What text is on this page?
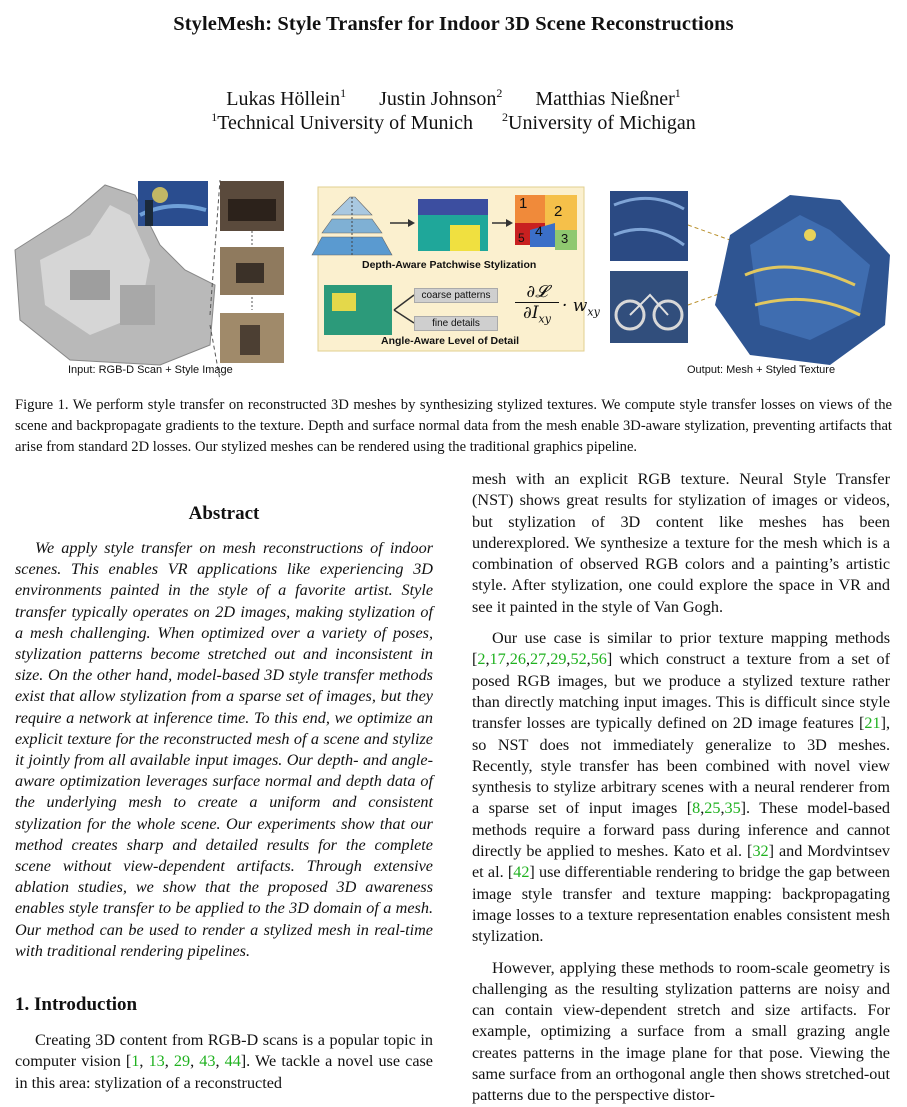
StyleMesh: Style Transfer for Indoor 3D Scene Reconstructions
Lukas Höllein$^1$ Justin Johnson$^2$ Matthias Nießner$^1$
$^1$Technical University of Munich $^2$University of Michigan
Input: RGB-D Scan + Style Image	Output: Mesh + Styled Texture
Depth-Aware Patchwise Stylization
Angle-Aware Level of Detail
coarse patterns
fine details
1 2
3
4
5
∂𝓛
$\partial I_{xy}$
· $w_{xy}$
Figure 1. We perform style transfer on reconstructed 3D meshes by synthesizing stylized textures. We compute style transfer losses on views of the scene and backpropagate gradients to the texture. Depth and surface normal data from the mesh enable 3D-aware stylization, preventing artifacts that arise from standard 2D losses. Our stylized meshes can be rendered using the traditional graphics pipeline.
Abstract

We apply style transfer on mesh reconstructions of indoor scenes. This enables VR applications like experiencing 3D environments painted in the style of a favorite artist. Style transfer typically operates on 2D images, making stylization of a mesh challenging. When optimized over a variety of poses, stylization patterns become stretched out and inconsistent in size. On the other hand, model-based 3D style transfer methods exist that allow stylization from a sparse set of images, but they require a network at inference time. To this end, we optimize an explicit texture for the reconstructed mesh of a scene and stylize it jointly from all available input images. Our depth- and angle-aware optimization leverages surface normal and depth data of the underlying mesh to create a uniform and consistent stylization for the whole scene. Our experiments show that our method creates sharp and detailed results for the complete scene without view-dependent artifacts. Through extensive ablation studies, we show that the proposed 3D awareness enables style transfer to be applied to the 3D domain of a mesh. Our method can be used to render a stylized mesh in real-time with traditional rendering pipelines.

1. Introduction

Creating 3D content from RGB-D scans is a popular topic in computer vision [1, 13, 29, 43, 44]. We tackle a novel use case in this area: stylization of a reconstructed

mesh with an explicit RGB texture. Neural Style Transfer (NST) shows great results for stylization of images or videos, but stylization of 3D content like meshes has been underexplored. We synthesize a texture for the mesh which is a combination of observed RGB colors and a painting’s artistic style. After stylization, one could explore the space in VR and see it painted in the style of Van Gogh.

Our use case is similar to prior texture mapping methods [2,17,26,27,29,52,56] which construct a texture from a set of posed RGB images, but we produce a stylized texture rather than directly matching input images. This is difficult since style transfer losses are typically defined on 2D image features [21], so NST does not immediately generalize to 3D meshes. Recently, style transfer has been combined with novel view synthesis to stylize arbitrary scenes with a neural renderer from a sparse set of input images [8,25,35]. These model-based methods require a forward pass during inference and cannot directly be applied to meshes. Kato et al. [32] and Mordvintsev et al. [42] use differentiable rendering to bridge the gap between image style transfer and texture mapping: backpropagating image losses to a texture representation enables consistent mesh stylization.

However, applying these methods to room-scale geometry is challenging as the resulting stylization patterns are noisy and can contain view-dependent stretch and size artifacts. For example, optimizing a surface from a small grazing angle creates patterns in the image plane for that pose. Viewing the same surface from an orthogonal angle then shows stretched-out patterns due to the perspective distor-
